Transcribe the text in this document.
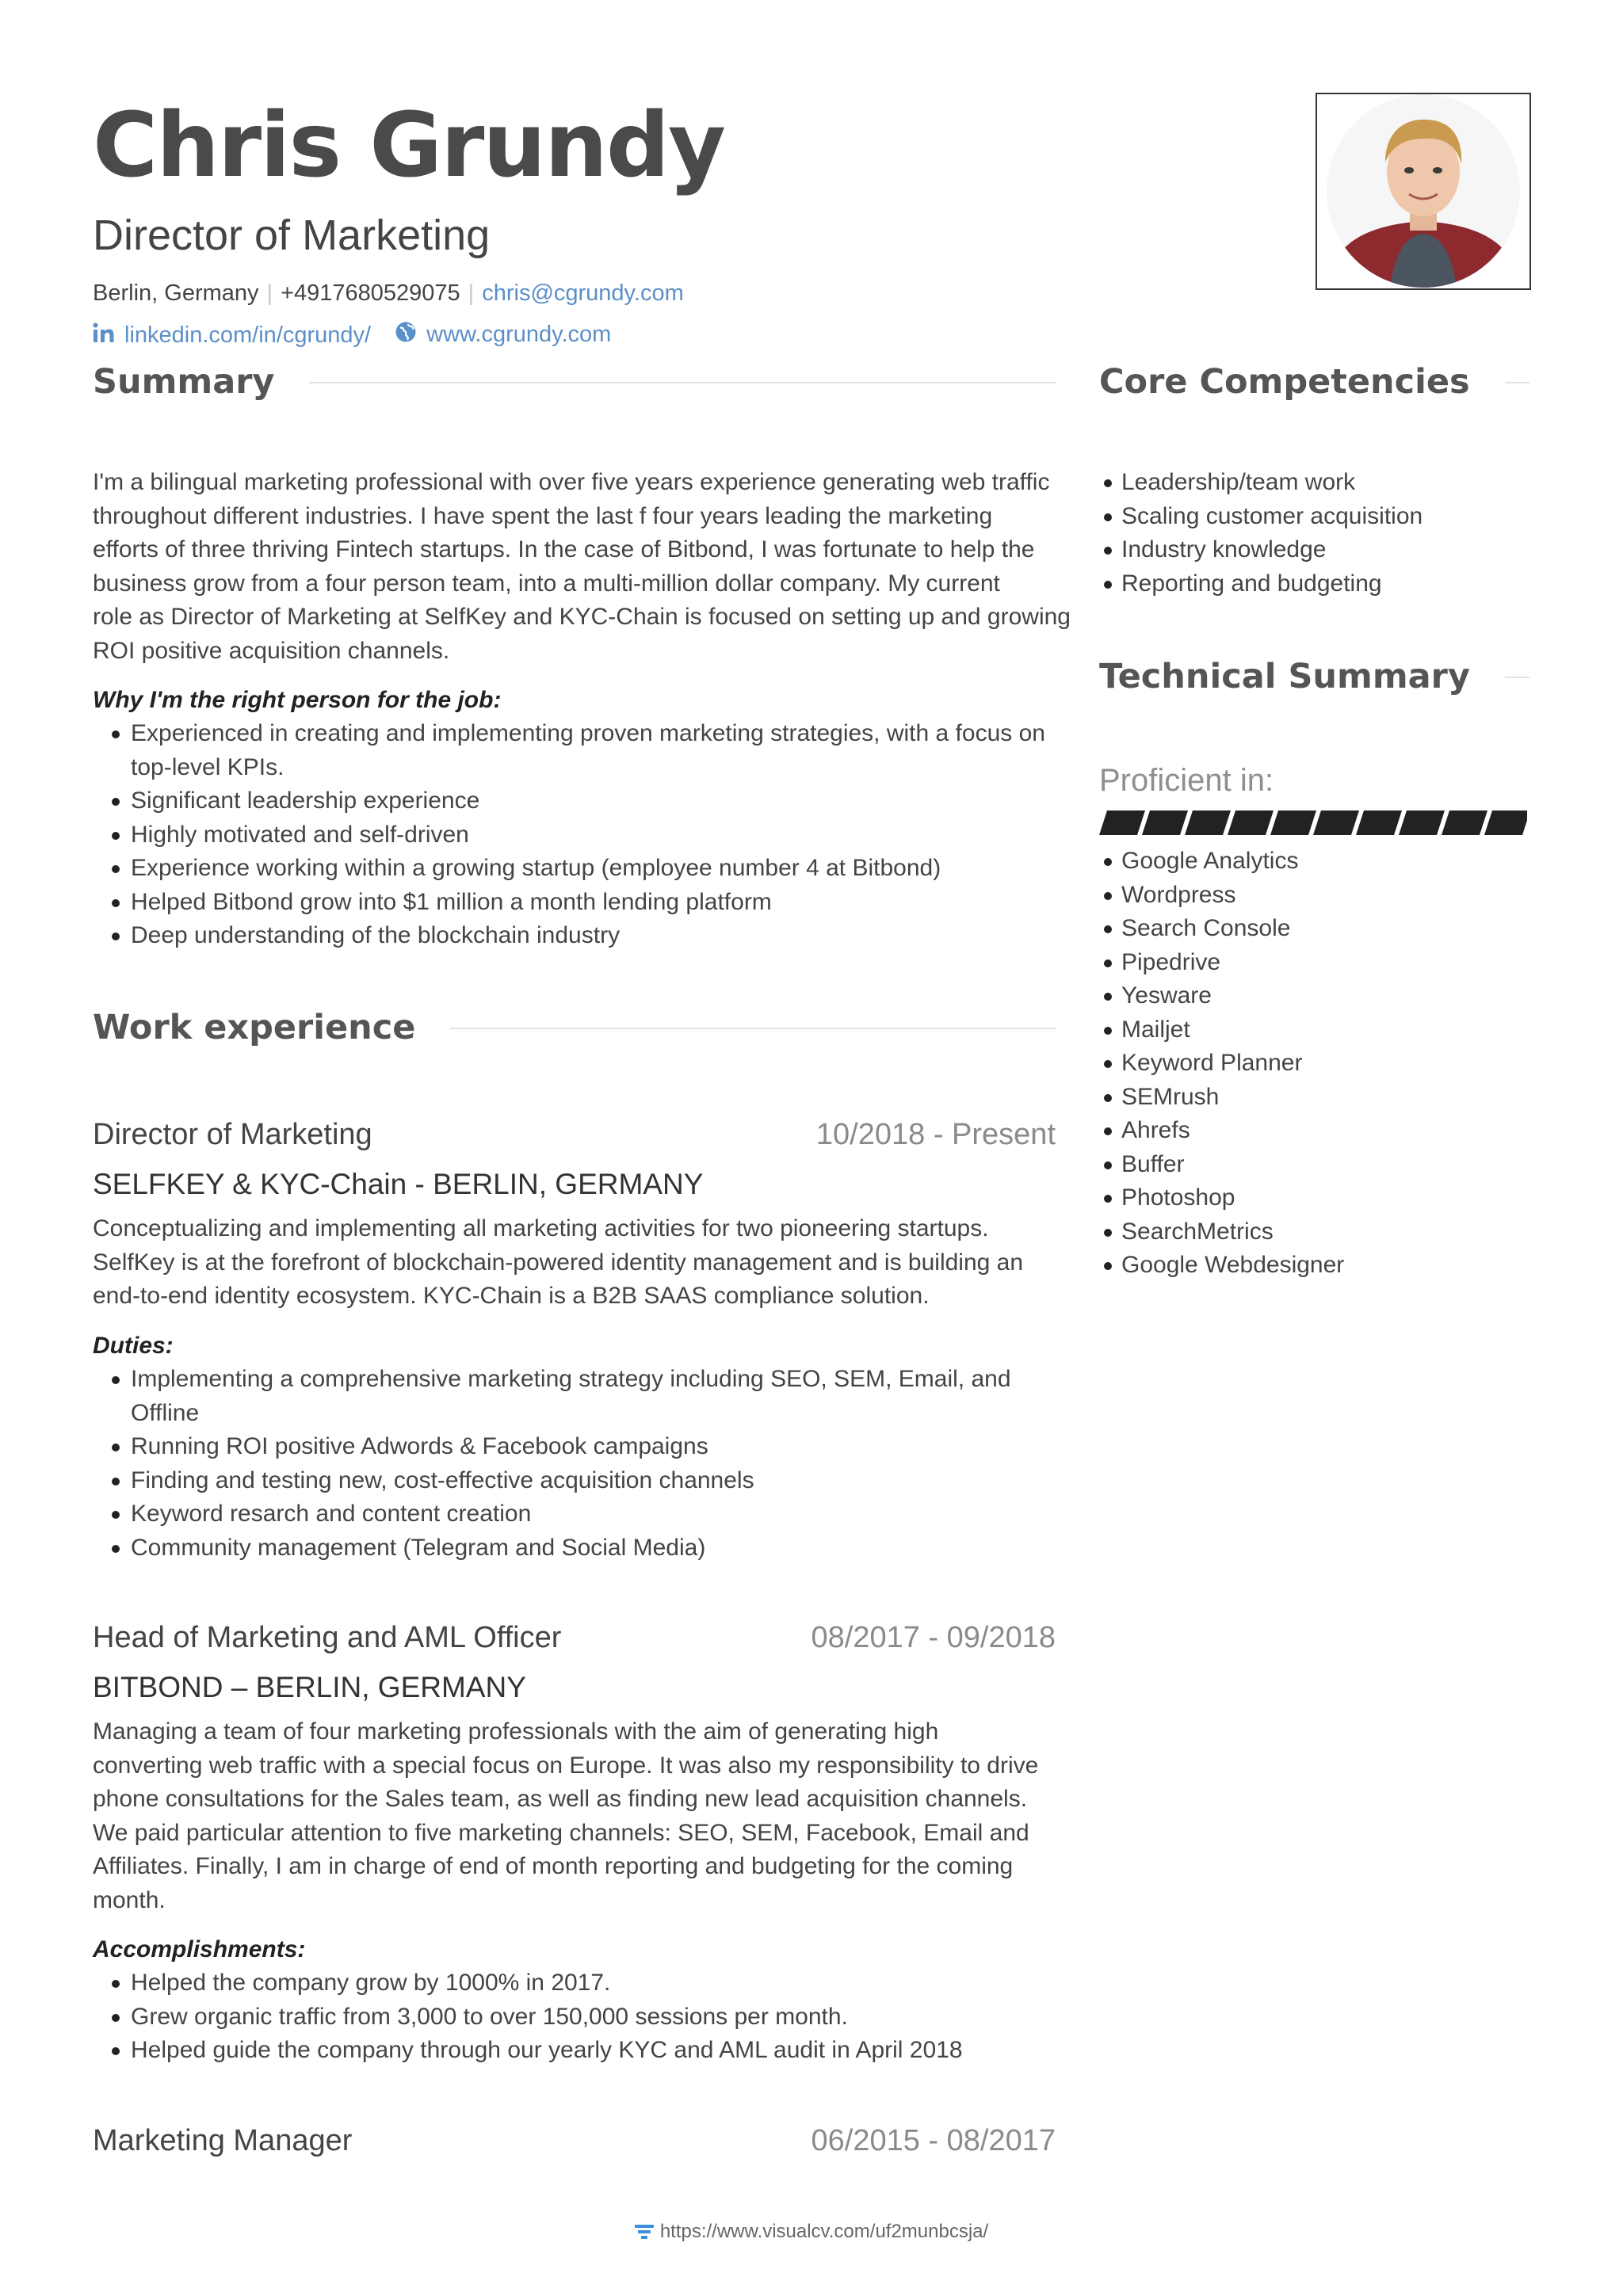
Chris Grundy
Director of Marketing
Berlin, Germany | +4917680529075 | chris@cgrundy.com
linkedin.com/in/cgrundy/
www.cgrundy.com
Summary
I'm a bilingual marketing professional with over five years experience generating web traffic
throughout different industries. I have spent the last f four years leading the marketing
efforts of three thriving Fintech startups. In the case of Bitbond, I was fortunate to help the
business grow from a four person team, into a multi-million dollar company. My current
role as Director of Marketing at SelfKey and KYC-Chain is focused on setting up and growing
ROI positive acquisition channels.
Why I'm the right person for the job:
Experienced in creating and implementing proven marketing strategies, with a focus on top-level KPIs.
Significant leadership experience
Highly motivated and self-driven
Experience working within a growing startup (employee number 4 at Bitbond)
Helped Bitbond grow into $1 million a month lending platform
Deep understanding of the blockchain industry
Work experience
Director of Marketing	10/2018 - Present
SELFKEY & KYC-Chain - BERLIN, GERMANY
Conceptualizing and implementing all marketing activities for two pioneering startups.
SelfKey is at the forefront of blockchain-powered identity management and is building an
end-to-end identity ecosystem. KYC-Chain is a B2B SAAS compliance solution.
Duties:
Implementing a comprehensive marketing strategy including SEO, SEM, Email, and Offline
Running ROI positive Adwords & Facebook campaigns
Finding and testing new, cost-effective acquisition channels
Keyword resarch and content creation
Community management (Telegram and Social Media)
Head of Marketing and AML Officer	08/2017 - 09/2018
BITBOND – BERLIN, GERMANY
Managing a team of four marketing professionals with the aim of generating high
converting web traffic with a special focus on Europe. It was also my responsibility to drive
phone consultations for the Sales team, as well as finding new lead acquisition channels.
We paid particular attention to five marketing channels: SEO, SEM, Facebook, Email and
Affiliates. Finally, I am in charge of end of month reporting and budgeting for the coming
month.
Accomplishments:
Helped the company grow by 1000% in 2017.
Grew organic traffic from 3,000 to over 150,000 sessions per month.
Helped guide the company through our yearly KYC and AML audit in April 2018
Marketing Manager	06/2015 - 08/2017
Core Competencies
Leadership/team work
Scaling customer acquisition
Industry knowledge
Reporting and budgeting
Technical Summary
Proficient in:
Google Analytics
Wordpress
Search Console
Pipedrive
Yesware
Mailjet
Keyword Planner
SEMrush
Ahrefs
Buffer
Photoshop
SearchMetrics
Google Webdesigner
https://www.visualcv.com/uf2munbcsja/
